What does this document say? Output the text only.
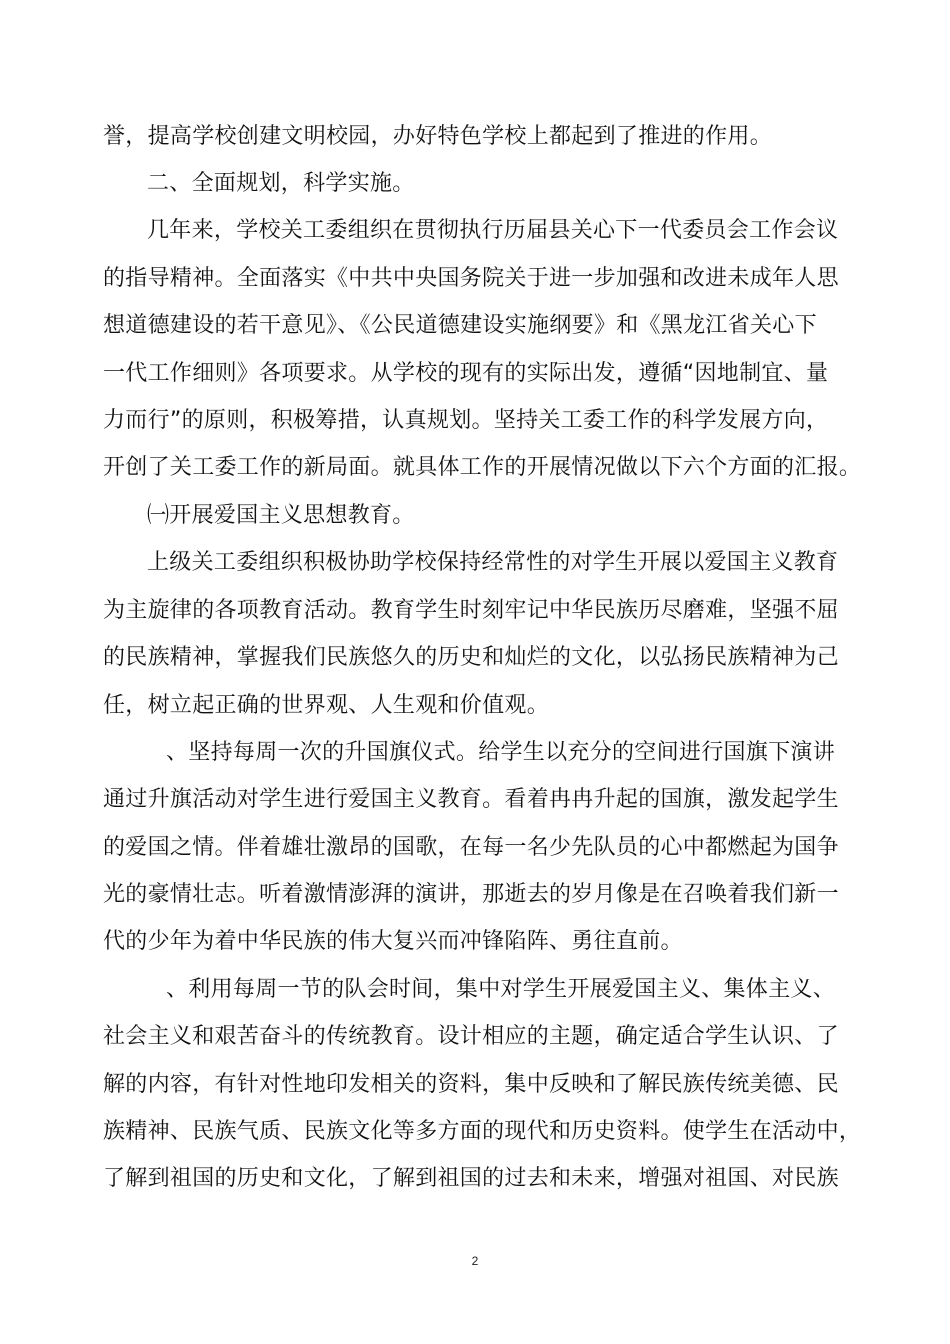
誉，提高学校创建文明校园，办好特色学校上都起到了推进的作用。
二、全面规划，科学实施。
几年来，学校关工委组织在贯彻执行历届县关心下一代委员会工作会议
的指导精神。全面落实《中共中央国务院关于进一步加强和改进未成年人思
想道德建设的若干意见》、《公民道德建设实施纲要》和《黑龙江省关心下
一代工作细则》各项要求。从学校的现有的实际出发，遵循“因地制宜、量
力而行”的原则，积极筹措，认真规划。坚持关工委工作的科学发展方向，
开创了关工委工作的新局面。就具体工作的开展情况做以下六个方面的汇报。
㈠开展爱国主义思想教育。
上级关工委组织积极协助学校保持经常性的对学生开展以爱国主义教育
为主旋律的各项教育活动。教育学生时刻牢记中华民族历尽磨难，坚强不屈
的民族精神，掌握我们民族悠久的历史和灿烂的文化，以弘扬民族精神为己
任，树立起正确的世界观、人生观和价值观。
、坚持每周一次的升国旗仪式。给学生以充分的空间进行国旗下演讲
通过升旗活动对学生进行爱国主义教育。看着冉冉升起的国旗，激发起学生
的爱国之情。伴着雄壮激昂的国歌，在每一名少先队员的心中都燃起为国争
光的豪情壮志。听着激情澎湃的演讲，那逝去的岁月像是在召唤着我们新一
代的少年为着中华民族的伟大复兴而冲锋陷阵、勇往直前。
、利用每周一节的队会时间，集中对学生开展爱国主义、集体主义、
社会主义和艰苦奋斗的传统教育。设计相应的主题，确定适合学生认识、了
解的内容，有针对性地印发相关的资料，集中反映和了解民族传统美德、民
族精神、民族气质、民族文化等多方面的现代和历史资料。使学生在活动中，
了解到祖国的历史和文化，了解到祖国的过去和未来，增强对祖国、对民族
2
